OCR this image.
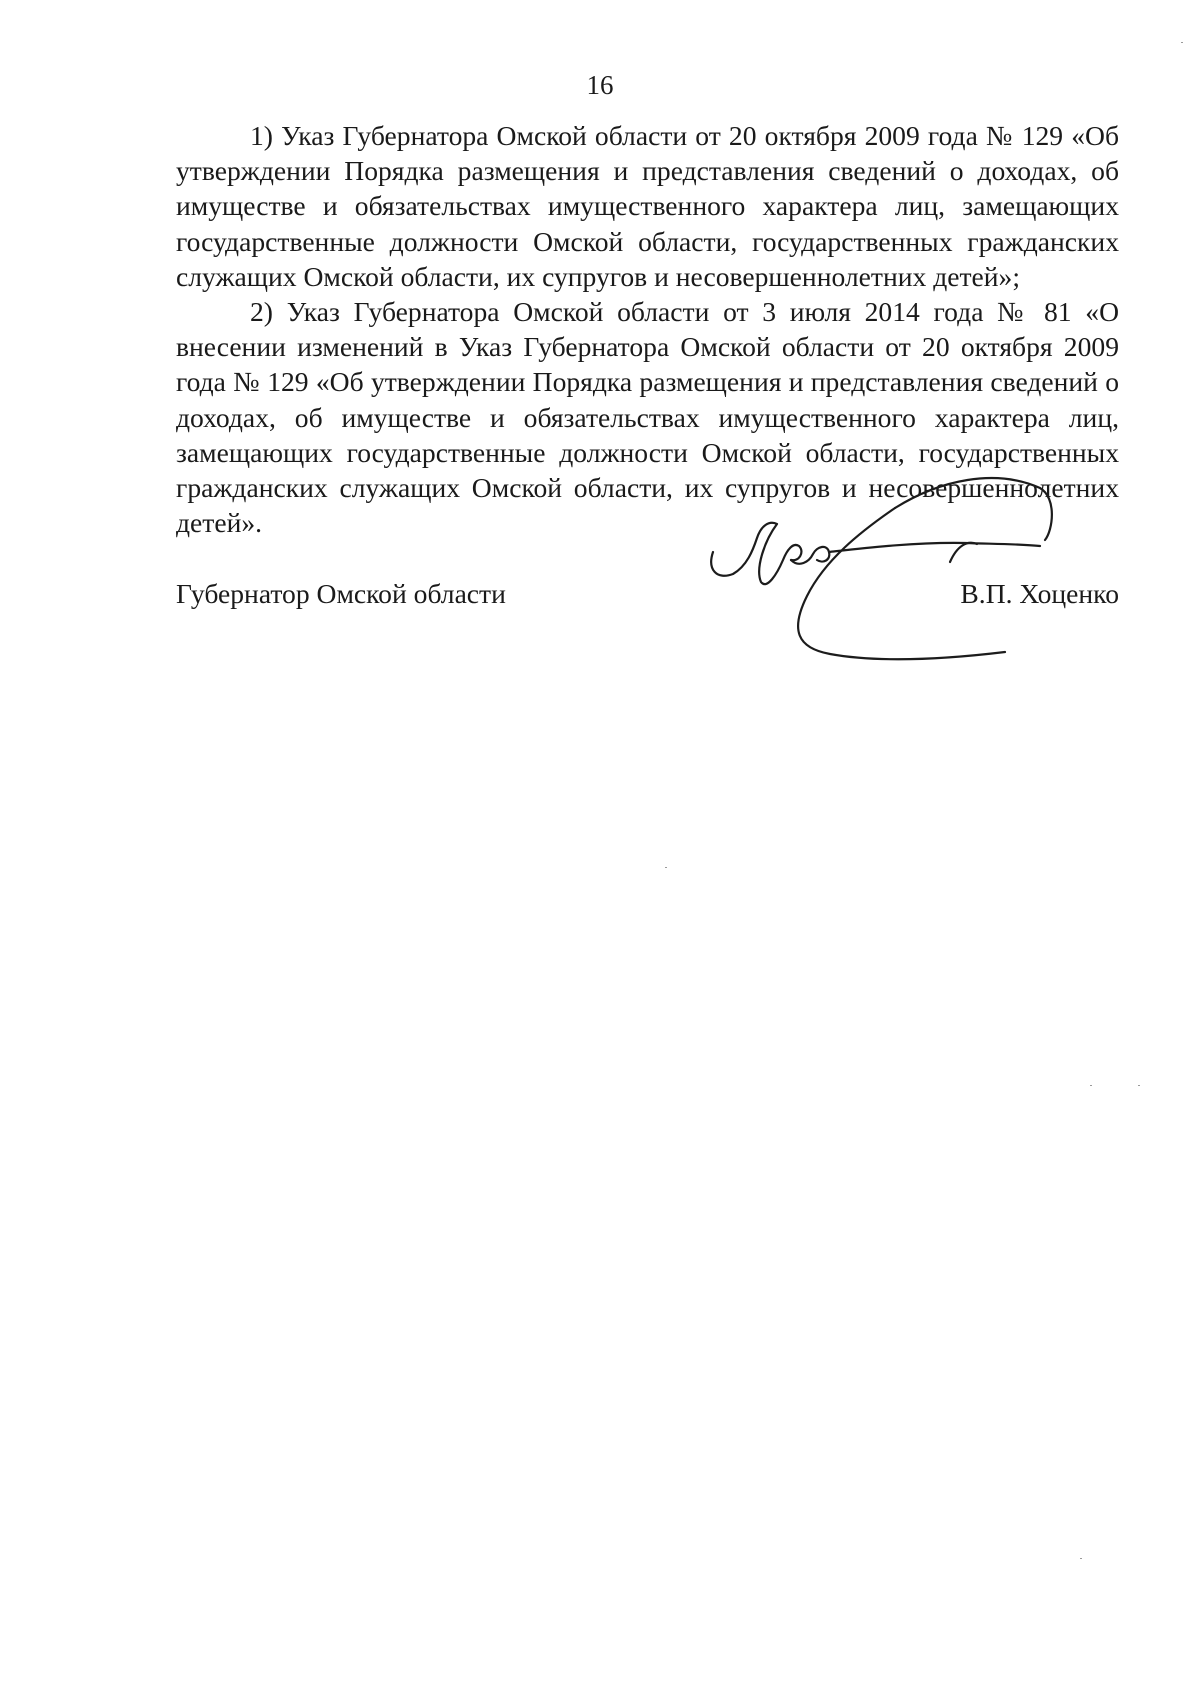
16

1) Указ Губернатора Омской области от 20 октября 2009 года № 129 «Об утверждении Порядка размещения и представления сведений о доходах, об имуществе и обязательствах имущественного характера лиц, замещающих государственные должности Омской области, государственных гражданских служащих Омской области, их супругов и несовершеннолетних детей»;

2) Указ Губернатора Омской области от 3 июля 2014 года № 81 «О внесении изменений в Указ Губернатора Омской области от 20 октября 2009 года № 129 «Об утверждении Порядка размещения и представления сведений о доходах, об имуществе и обязательствах имущественного характера лиц, замещающих государственные должности Омской области, государственных гражданских служащих Омской области, их супругов и несовершеннолетних детей».

Губернатор Омской области	В.П. Хоценко
